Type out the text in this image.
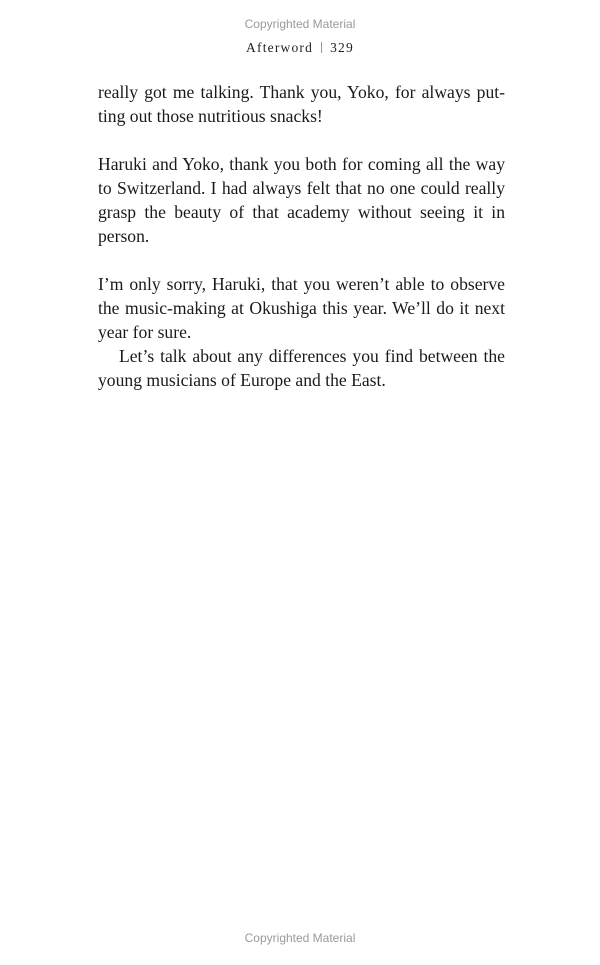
Copyrighted Material
Afterword 329

really got me talking. Thank you, Yoko, for always putting out those nutritious snacks!

Haruki and Yoko, thank you both for coming all the way to Switzerland. I had always felt that no one could really grasp the beauty of that academy without seeing it in person.

I’m only sorry, Haruki, that you weren’t able to observe the music-making at Okushiga this year. We’ll do it next year for sure.

Let’s talk about any differences you find between the young musicians of Europe and the East.

Copyrighted Material
